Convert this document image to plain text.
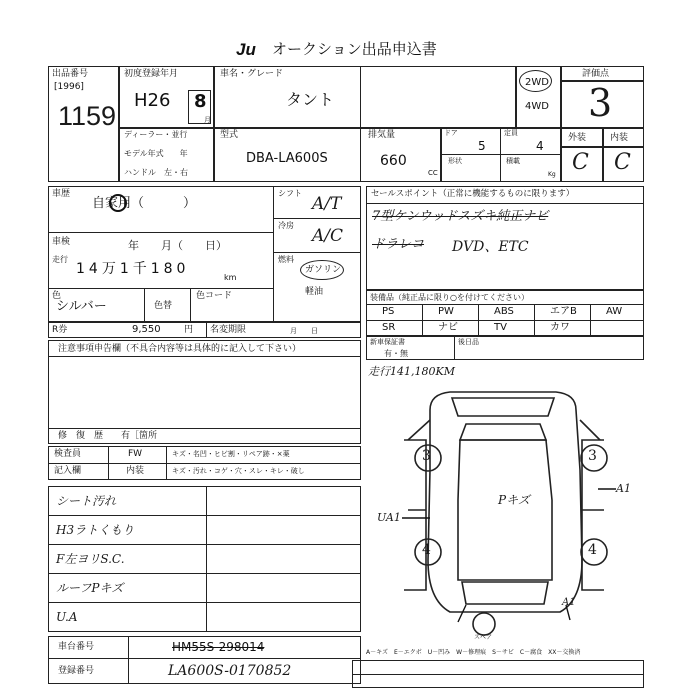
Ju オークション出品申込書
出品番号
[1996]
1159
初度登録年月
H26 8
月
車名・グレード
タント
2WD
4WD
評価点
3
外装	内装
C C
ディーラー・並行
モデル年式　　年
ハンドル　左・右
型式
DBA-LA600S
排気量
660
CC
ドア
5
定員
4
形状	積載
Kg
車歴
自家用（　　　）
車検	年　　月（　　日）
走行
14万1千180
km
色
シルバー	色替
色コード
シフト
A/T
冷房
A/C
燃料
ガソリン
軽油
R券	9,550	円 名変期限	月　　日
セールスポイント（正常に機能するものに限ります）
7型ケンウッドスズキ純正ナビ
ドラレコ DVD、ETC
装備品（純正品に限り○を付けてください）
PS	PW	ABS	エアB	AW
SR	ナビ	TV	カワ
新車保証書
有・無
後日品
注意事項申告欄（不具合内容等は具体的に記入して下さい）
修　復　歴　　有［箇所
検査員
記入欄
FW
内装
キズ・名凹・ヒビ割・リペア跡・×薬
キズ・汚れ・コゲ・穴・スレ・キレ・破し
シート汚れ
H3ラトくもり
F左ヨリS.C.
ルーフPキズ
U.A
車台番号	HM55S-298014
登録番号	LA600S-0170852
走行141,180KM
3	3
4	4
Pキズ
A1
UA1
A1
スペア
A－キズ　E－エクボ　U－凹み　W－修理痕　S－サビ　C－腐食　XX－交換済
